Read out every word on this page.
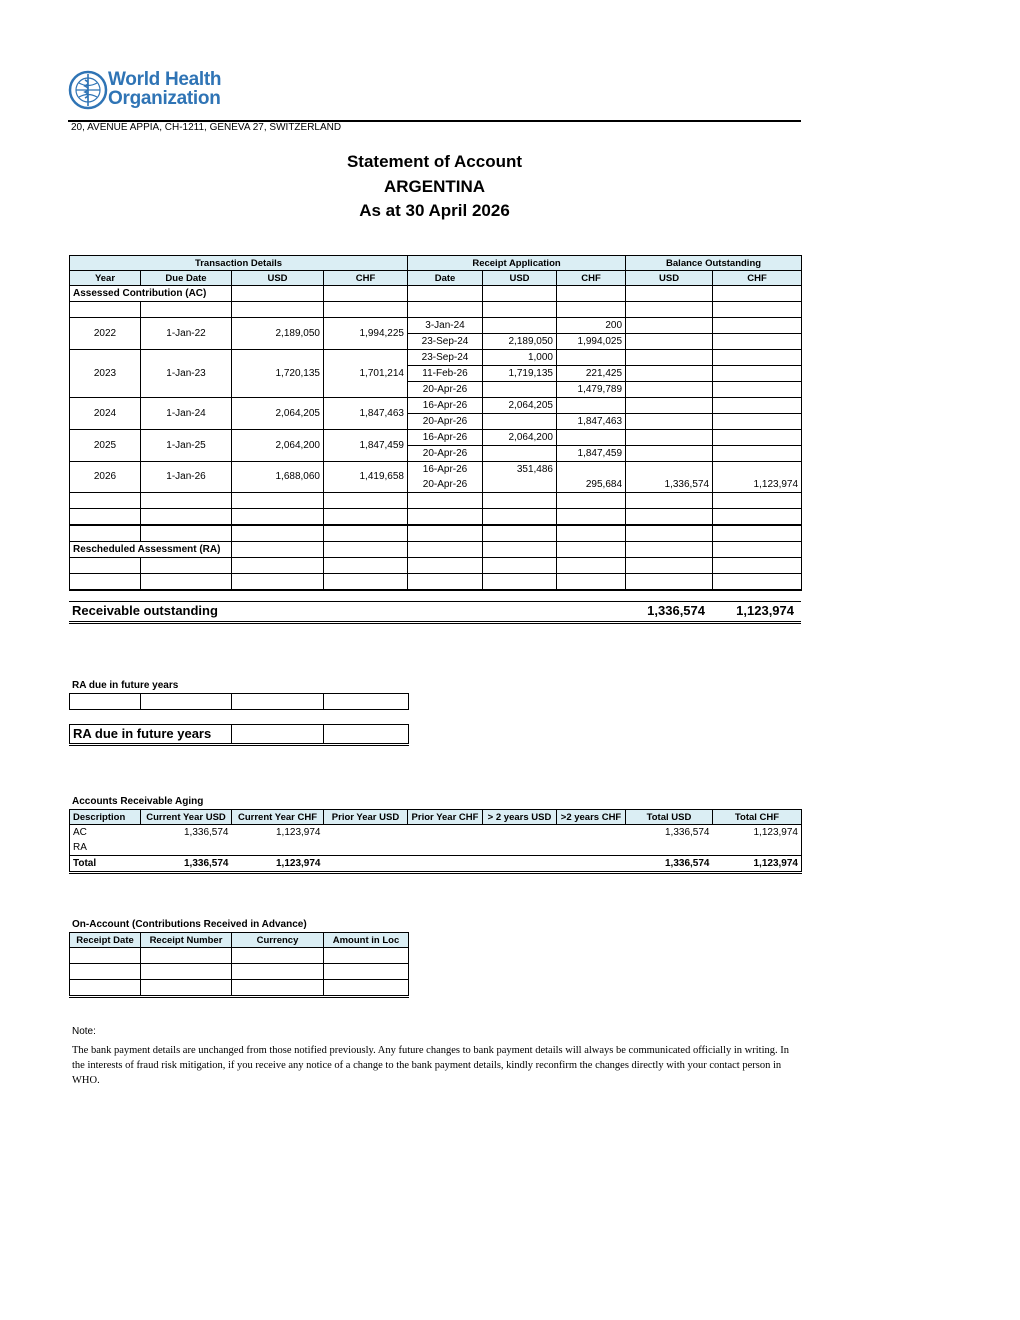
World Health
Organization
20, AVENUE APPIA, CH-1211, GENEVA 27, SWITZERLAND
Statement of Account
ARGENTINA
As at 30 April 2026
Transaction Details				Receipt Application			Balance Outstanding	
Year	Due Date	USD	CHF	Date	USD	CHF	USD	CHF
Assessed Contribution (AC)								

2022	1-Jan-22	2,189,050	1,994,225	3-Jan-24		200		
				23-Sep-24	2,189,050	1,994,025		
2023	1-Jan-23	1,720,135	1,701,214	23-Sep-24	1,000			
				11-Feb-26	1,719,135	221,425		
				20-Apr-26		1,479,789		
2024	1-Jan-24	2,064,205	1,847,463	16-Apr-26	2,064,205			
				20-Apr-26		1,847,463		
2025	1-Jan-25	2,064,200	1,847,459	16-Apr-26	2,064,200			
				20-Apr-26		1,847,459		
2026	1-Jan-26	1,688,060	1,419,658	16-Apr-26	351,486			
				20-Apr-26		295,684	1,336,574	1,123,974

Rescheduled Assessment (RA)								

Receivable outstanding	1,336,574 1,123,974
RA due in future years

RA due in future years		
Accounts Receivable Aging
Description	Current Year USD	Current Year CHF	Prior Year USD	Prior Year CHF	> 2 years USD	>2 years CHF	Total USD	Total CHF
AC	1,336,574	1,123,974					1,336,574	1,123,974
RA								
Total	1,336,574	1,123,974					1,336,574	1,123,974
On-Account (Contributions Received in Advance)
Receipt Date	Receipt Number	Currency	Amount in Loc

Note:
The bank payment details are unchanged from those notified previously. Any future changes to bank payment details will always be communicated officially in writing. In the interests of fraud risk mitigation, if you receive any notice of a change to the bank payment details, kindly reconfirm the changes directly with your contact person in WHO.
